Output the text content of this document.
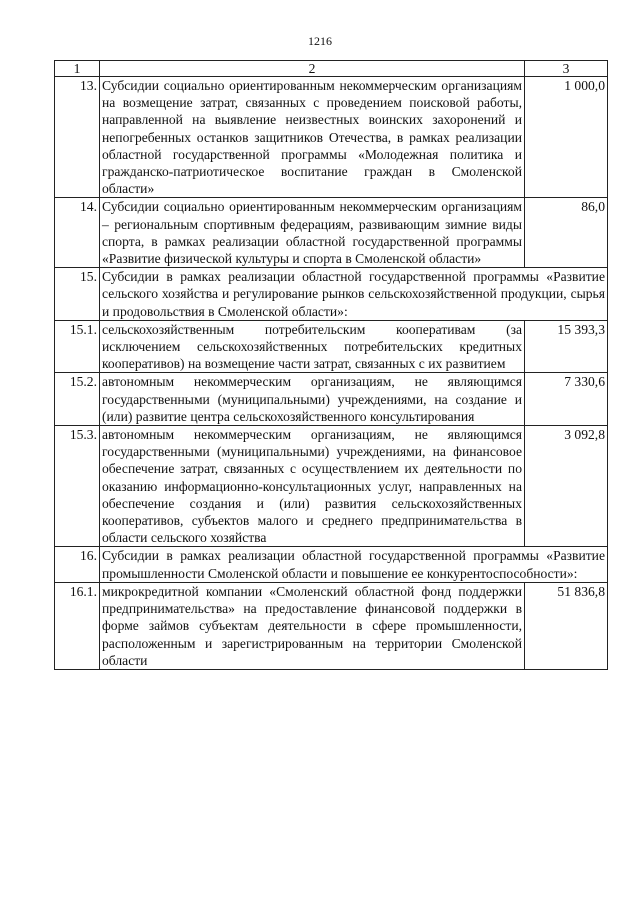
1216
1	2	3
13.	Субсидии социально ориентированным некоммерческим организациям на возмещение затрат, связанных с проведением поисковой работы, направленной на выявление неизвестных воинских захоронений и непогребенных останков защитников Отечества, в рамках реализации областной государственной программы «Молодежная политика и гражданско-патриотическое воспитание граждан в Смоленской области»	1 000,0
14.	Субсидии социально ориентированным некоммерческим организациям – региональным спортивным федерациям, развивающим зимние виды спорта, в рамках реализации областной государственной программы «Развитие физической культуры и спорта в Смоленской области»	86,0
15.	Субсидии в рамках реализации областной государственной программы «Развитие сельского хозяйства и регулирование рынков сельскохозяйственной продукции, сырья и продовольствия в Смоленской области»:	
15.1.	сельскохозяйственным потребительским кооперативам (за исключением сельскохозяйственных потребительских кредитных кооперативов) на возмещение части затрат, связанных с их развитием	15 393,3
15.2.	автономным некоммерческим организациям, не являющимся государственными (муниципальными) учреждениями, на создание и (или) развитие центра сельскохозяйственного консультирования	7 330,6
15.3.	автономным некоммерческим организациям, не являющимся государственными (муниципальными) учреждениями, на финансовое обеспечение затрат, связанных с осуществлением их деятельности по оказанию информационно-консультационных услуг, направленных на обеспечение создания и (или) развития сельскохозяйственных кооперативов, субъектов малого и среднего предпринимательства в области сельского хозяйства	3 092,8
16.	Субсидии в рамках реализации областной государственной программы «Развитие промышленности Смоленской области и повышение ее конкурентоспособности»:	
16.1.	микрокредитной компании «Смоленский областной фонд поддержки предпринимательства» на предоставление финансовой поддержки в форме займов субъектам деятельности в сфере промышленности, расположенным и зарегистрированным на территории Смоленской области	51 836,8
